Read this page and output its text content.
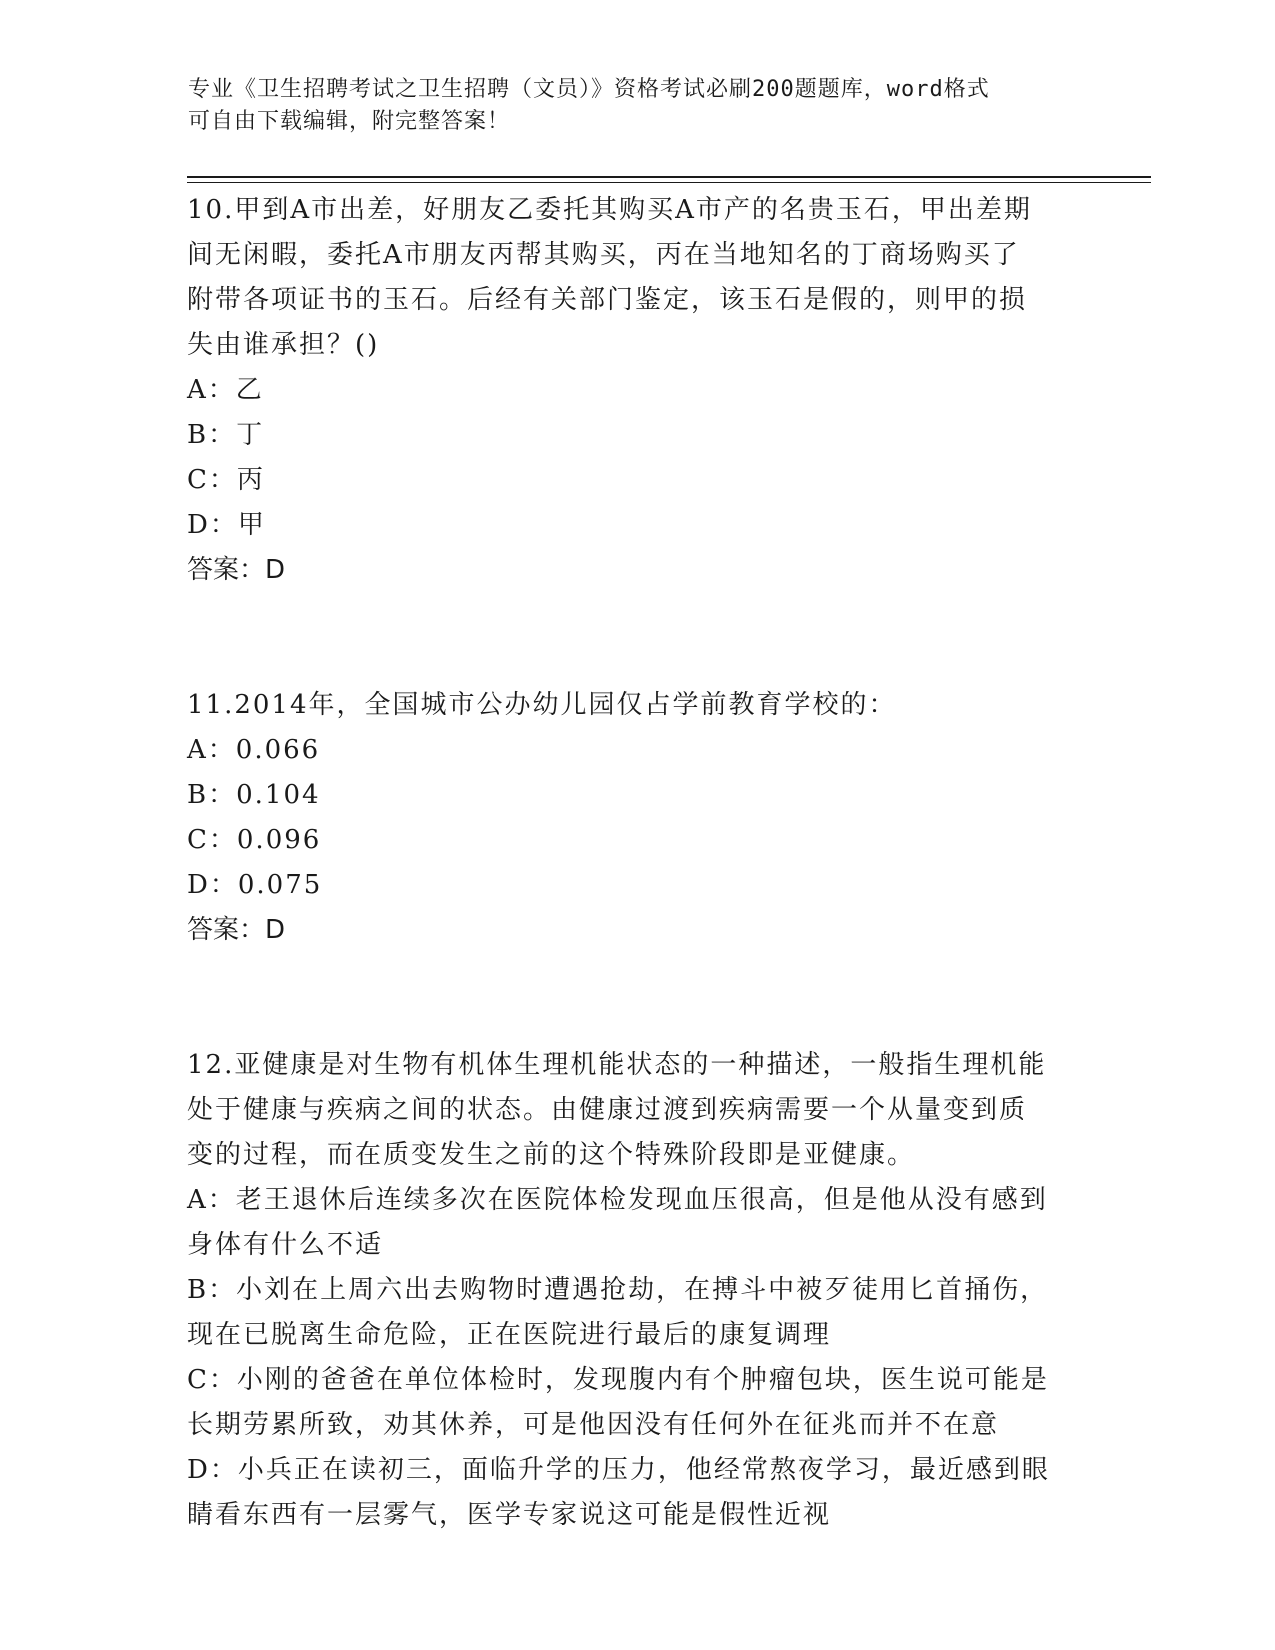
专业《卫生招聘考试之卫生招聘（文员）》资格考试必刷200题题库，word格式
可自由下载编辑，附完整答案！
10.甲到A市出差，好朋友乙委托其购买A市产的名贵玉石，甲出差期
间无闲暇，委托A市朋友丙帮其购买，丙在当地知名的丁商场购买了
附带各项证书的玉石。后经有关部门鉴定，该玉石是假的，则甲的损
失由谁承担？()
A：乙
B：丁
C：丙
D：甲
答案：D
11.2014年，全国城市公办幼儿园仅占学前教育学校的：
A：0.066
B：0.104
C：0.096
D：0.075
答案：D
12.亚健康是对生物有机体生理机能状态的一种描述，一般指生理机能
处于健康与疾病之间的状态。由健康过渡到疾病需要一个从量变到质
变的过程，而在质变发生之前的这个特殊阶段即是亚健康。
A：老王退休后连续多次在医院体检发现血压很高，但是他从没有感到
身体有什么不适
B：小刘在上周六出去购物时遭遇抢劫，在搏斗中被歹徒用匕首捅伤，
现在已脱离生命危险，正在医院进行最后的康复调理
C：小刚的爸爸在单位体检时，发现腹内有个肿瘤包块，医生说可能是
长期劳累所致，劝其休养，可是他因没有任何外在征兆而并不在意
D：小兵正在读初三，面临升学的压力，他经常熬夜学习，最近感到眼
睛看东西有一层雾气，医学专家说这可能是假性近视
